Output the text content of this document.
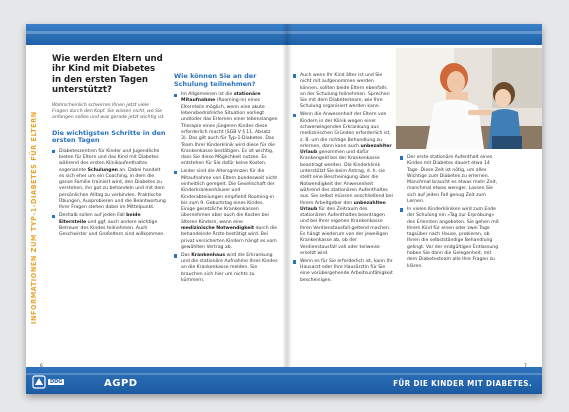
INFORMATIONEN ZUM TYP-1-DIABETES FÜR ELTERN
Wie werden Eltern und ihr Kind mit Diabetes in den ersten Tagen unterstützt?

Wahrscheinlich schwirren Ihnen jetzt viele Fragen durch den Kopf. Sie wissen nicht, wo Sie anfangen sollen und was gerade jetzt wichtig ist.

Die wichtigsten Schritte in den ersten Tagen
Diabeteszentren für Kinder und Jugendliche bieten für Eltern und das Kind mit Diabetes während des ersten Klinikaufenthaltes sogenannte Schulungen an. Dabei handelt es sich eher um ein Coaching, in dem die ganze Familie trainiert wird, den Diabetes zu verstehen, ihn gut zu behandeln und mit dem persönlichen Alltag zu verbinden. Praktische Übungen, Ausprobieren und die Beantwortung Ihrer Fragen stehen dabei im Mittelpunkt.
Deshalb sollen auf jeden Fall beide Elternteile und ggf. auch andere wichtige Betreuer des Kindes teilnehmen. Auch Geschwister und Großeltern sind willkommen.
Wie können Sie an der Schulung teilnehmen?
Im Allgemeinen ist die stationäre Mitaufnahme (Rooming-in) eines Elternteils möglich, wenn eine akute lebensbedrohliche Situation vorliegt und/oder das Erlernen einer lebenslangen Therapie eines jüngeren Kindes diese erforderlich macht (SGB V § 11, Absatz 3). Das gilt auch für Typ-1-Diabetes. Das Team Ihrer Kinderklinik wird diese für die Krankenkasse bestätigen. Es ist wichtig, dass Sie diese Möglichkeit nutzen. Es entstehen für Sie dafür keine Kosten.
Leider sind die Altersgrenzen für die Mitaufnahme von Eltern bundesweit nicht einheitlich geregelt. Die Gesellschaft der Kinderkrankenhäuser und Kinderabteilungen empfiehlt Rooming-in bis zum 9. Geburtstag eines Kindes. Einige gesetzliche Krankenkassen übernehmen aber auch die Kosten bei älteren Kindern, wenn eine medizinische Notwendigkeit durch die behandelnde Ärzte bestätigt wird. Bei privat versicherten Kindern hängt es vom gewählten Vertrag ab.
Das Krankenhaus wird die Erkrankung und die stationäre Aufnahme Ihres Kindes an die Krankenkasse melden. Sie brauchen sich hier um nichts zu kümmern.
Auch wenn Ihr Kind älter ist und Sie nicht mit aufgenommen werden können, sollten beide Eltern ebenfalls an der Schulung teilnehmen. Sprechen Sie mit dem Diabetesteam, wie Ihre Schulung organisiert werden kann.
Wenn die Anwesenheit der Eltern von Kindern in der Klinik wegen einer schwerwiegenden Erkrankung aus medizinischen Gründen erforderlich ist, z. B. um die richtige Behandlung zu erlernen, dann kann auch unbezahlter Urlaub genommen und dafür Krankengeld bei der Krankenkasse beantragt werden. Die Kinderklinik unterstützt Sie beim Antrag, d. h. sie stellt eine Bescheinigung über die Notwendigkeit der Anwesenheit während des stationären Aufenthaltes aus. Sie selbst müssen anschließend bei Ihrem Arbeitgeber den unbezahlten Urlaub für den Zeitraum des stationären Aufenthaltes beantragen und bei Ihrer eigenen Krankenkasse Ihren Verdienstausfall geltend machen. Es hängt wiederum von der jeweiligen Krankenkasse ab, ob der Verdienstausfall voll oder teilweise ersetzt wird.
Wenn es für Sie erforderlich ist, kann Ihr Hausarzt oder Ihre Hausärztin für Sie eine vorübergehende Arbeitsunfähigkeit bescheinigen.
Der erste stationäre Aufenthalt eines Kindes mit Diabetes dauert etwa 14 Tage. Diese Zeit ist nötig, um alles Wichtige zum Diabetes zu erlernen. Manchmal braucht es etwas mehr Zeit, manchmal etwas weniger. Lassen Sie sich auf jeden Fall genug Zeit zum Lernen.
In vielen Kinderkliniken wird zum Ende der Schulung ein »Tag zur Erprobung« des Erlernten angeboten. Sie gehen mit Ihrem Kind für einen oder zwei Tage tagsüber nach Hause, probieren, ob Ihnen die selbstständige Behandlung gelingt. Vor der endgültigen Entlassung haben Sie dann die Gelegenheit, mit dem Diabetesteam alle Ihre Fragen zu klären.
DDG	AGPD	FÜR DIE KINDER MIT DIABETES.
